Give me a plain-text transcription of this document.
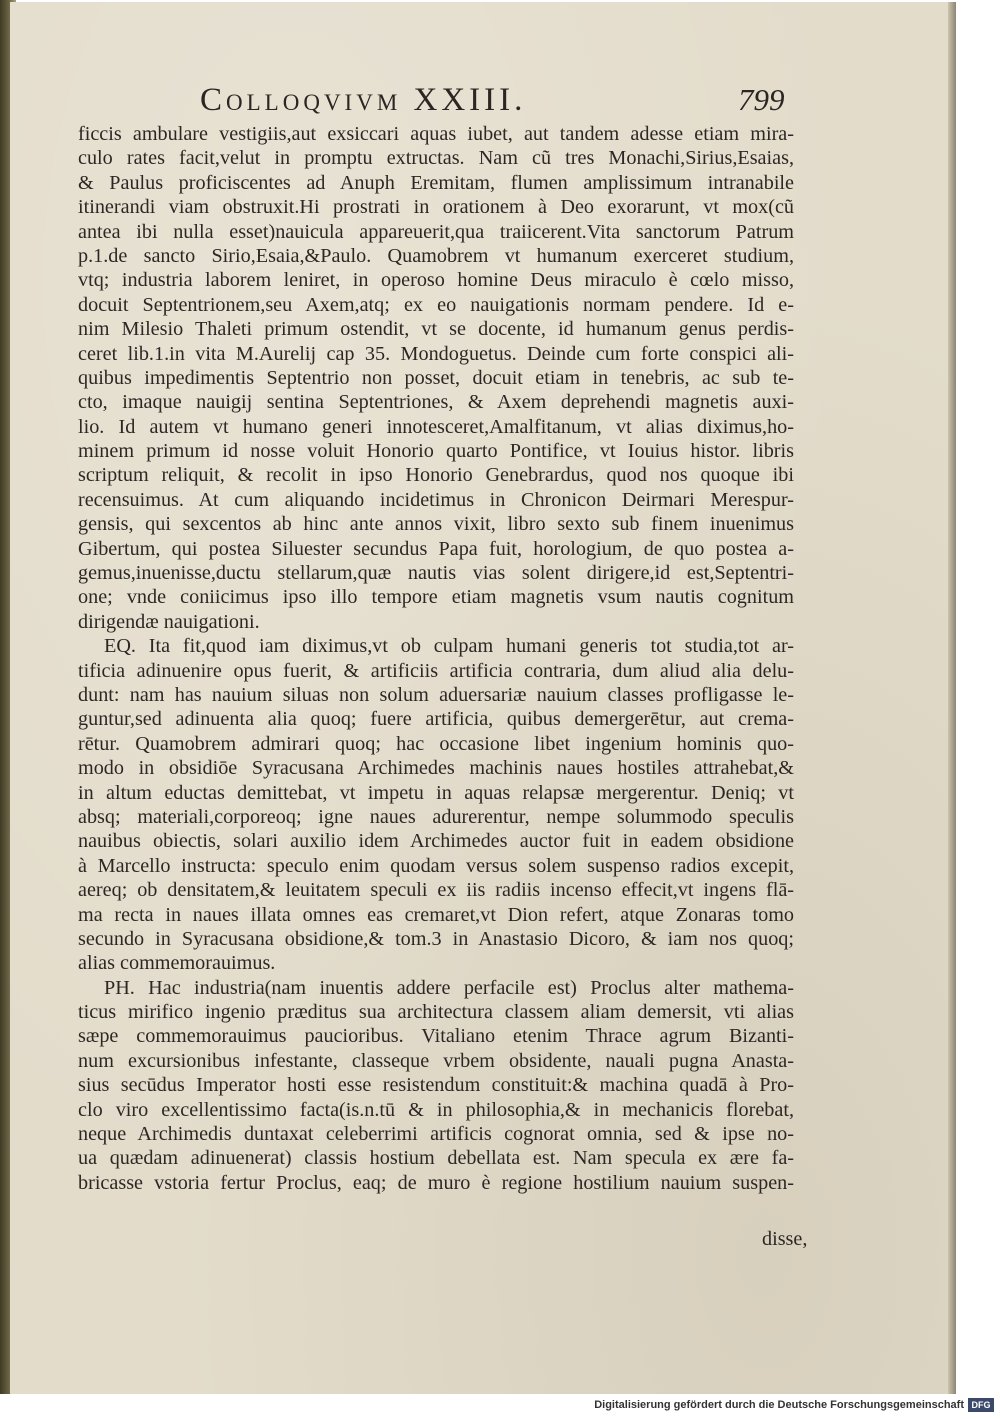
Colloqvivm XXIII.	799
ficcis ambulare vestigiis,aut exsiccari aquas iubet, aut tandem adesse etiam mira-
culo rates facit,velut in promptu extructas. Nam cũ tres Monachi,Sirius,Esaias,
& Paulus proficiscentes ad Anuph Eremitam, flumen amplissimum intranabile
itinerandi viam obstruxit.Hi prostrati in orationem à Deo exorarunt, vt mox(cũ
antea ibi nulla esset)nauicula appareuerit,qua traiicerent.Vita sanctorum Patrum
p.1.de sancto Sirio,Esaia,&Paulo. Quamobrem vt humanum exerceret studium,
vtq; industria laborem leniret, in operoso homine Deus miraculo è cœlo misso,
docuit Septentrionem,seu Axem,atq; ex eo nauigationis normam pendere. Id e-
nim Milesio Thaleti primum ostendit, vt se docente, id humanum genus perdis-
ceret lib.1.in vita M.Aurelij cap 35. Mondoguetus. Deinde cum forte conspici ali-
quibus impedimentis Septentrio non posset, docuit etiam in tenebris, ac sub te-
cto, imaque nauigij sentina Septentriones, & Axem deprehendi magnetis auxi-
lio. Id autem vt humano generi innotesceret,Amalfitanum, vt alias diximus,ho-
minem primum id nosse voluit Honorio quarto Pontifice, vt Iouius histor. libris
scriptum reliquit, & recolit in ipso Honorio Genebrardus, quod nos quoque ibi
recensuimus. At cum aliquando incidetimus in Chronicon Deirmari Merespur-
gensis, qui sexcentos ab hinc ante annos vixit, libro sexto sub finem inuenimus
Gibertum, qui postea Siluester secundus Papa fuit, horologium, de quo postea a-
gemus,inuenisse,ductu stellarum,quæ nautis vias solent dirigere,id est,Septentri-
one; vnde coniicimus ipso illo tempore etiam magnetis vsum nautis cognitum
dirigendæ nauigationi.
EQ. Ita fit,quod iam diximus,vt ob culpam humani generis tot studia,tot ar-
tificia adinuenire opus fuerit, & artificiis artificia contraria, dum aliud alia delu-
dunt: nam has nauium siluas non solum aduersariæ nauium classes profligasse le-
guntur,sed adinuenta alia quoq; fuere artificia, quibus demergerētur, aut crema-
rētur. Quamobrem admirari quoq; hac occasione libet ingenium hominis quo-
modo in obsidiōe Syracusana Archimedes machinis naues hostiles attrahebat,&
in altum eductas demittebat, vt impetu in aquas relapsæ mergerentur. Deniq; vt
absq; materiali,corporeoq; igne naues adurerentur, nempe solummodo speculis
nauibus obiectis, solari auxilio idem Archimedes auctor fuit in eadem obsidione
à Marcello instructa: speculo enim quodam versus solem suspenso radios excepit,
aereq; ob densitatem,& leuitatem speculi ex iis radiis incenso effecit,vt ingens flā-
ma recta in naues illata omnes eas cremaret,vt Dion refert, atque Zonaras tomo
secundo in Syracusana obsidione,& tom.3 in Anastasio Dicoro, & iam nos quoq;
alias commemorauimus.
PH. Hac industria(nam inuentis addere perfacile est) Proclus alter mathema-
ticus mirifico ingenio præditus sua architectura classem aliam demersit, vti alias
sæpe commemorauimus paucioribus. Vitaliano etenim Thrace agrum Bizanti-
num excursionibus infestante, classeque vrbem obsidente, nauali pugna Anasta-
sius secūdus Imperator hosti esse resistendum constituit:& machina quadā à Pro-
clo viro excellentissimo facta(is.n.tū & in philosophia,& in mechanicis florebat,
neque Archimedis duntaxat celeberrimi artificis cognorat omnia, sed & ipse no-
ua quædam adinuenerat) classis hostium debellata est. Nam specula ex ære fa-
bricasse vstoria fertur Proclus, eaq; de muro è regione hostilium nauium suspen-
disse,
Digitalisierung gefördert durch die Deutsche Forschungsgemeinschaft DFG
